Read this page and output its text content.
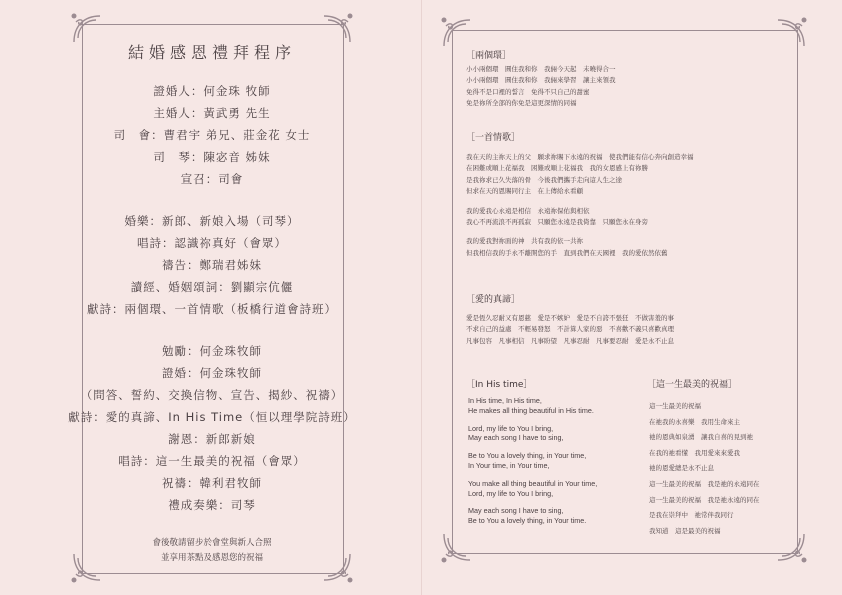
結婚感恩禮拜程序
證婚人：何金珠 牧師
主婚人：黃武勇 先生
司　會：曹君宇 弟兄、莊金花 女士
司　琴：陳宓音 姊妹
宣召：司會
婚樂：新郎、新娘入場（司琴）
唱詩：認識祢真好（會眾）
禱告：鄭瑞君姊妹
讀經、婚姻頌詞：劉顯宗伉儷
獻詩：兩個環、一首情歌（板橋行道會詩班）
勉勵：何金珠牧師
證婚：何金珠牧師
（問答、誓約、交換信物、宣告、揭紗、祝禱）
獻詩：愛的真諦、In His Time（恒以理學院詩班）
謝恩：新郎新娘
唱詩：這一生最美的祝福（會眾）
祝禱：韓利君牧師
禮成奏樂：司琴
會後敬請留步於會堂與新人合照
並享用茶點及感恩您的祝福
［兩個環］
小小兩個環　圓住我和你　我倆今天起　未曉得合一
小小兩個環　圓住我和你　我倆來學習　讓主來領我
免得不是口裡的誓言　免得不只自己的甜蜜
免是祢所全部的你免是這更深情的同福
［一首情歌］
我在天的主祢天上的父　願求祢賜下永遠的祝福　使我們能有信心奔向創造幸福
在困難或順上花福我　困難或順上花福我　我的女恩感上有祢勝
是我祢求已久失落的骨　今後我們攜手走向這人生之途
但求在天的恩賜同行主　在上傳給永看顧
我的愛我心永遠是相信　永遠祢保佑與相依
我心不再流浪不再孤寂　只願您永遠是我倚靠　只願您永在身旁
我的愛我對祢面的神　共有我的依一共祢
但我相信我的手永不離開您的手　直到我們在天國裡　我的愛依然依舊
［愛的真諦］
愛是恆久忍耐又有恩慈　愛是不嫉妒　愛是不自誇不張狂　不做害羞的事
不求自己的益處　不輕易發怒　不計算人家的惡　不喜歡不義只喜歡真理
凡事包容　凡事相信　凡事盼望　凡事忍耐　凡事要忍耐　愛是永不止息
［In His time］
In His time, In His time,
He makes all thing beautiful in His time.
Lord, my life to You I bring,
May each song I have to sing,
Be to You a lovely thing, in Your time,
In Your time, in Your time,
You make all thing beautiful in Your time,
Lord, my life to You I bring,
May each song I have to sing,
Be to You a lovely thing, in Your time.
［這一生最美的祝福］
這一生最美的祝福
在祂我的永喜樂　我用生命來主
祂的恩典如泉湧　讓我自喜的見到祂
在我的祂看懂　我用愛來來愛我
祂的恩愛總是永不止息
這一生最美的祝福　我是祂的永遠同在
這一生最美的祝福　我是祂永遠的同在
是我在崇拜中　祂常伴我同行
我知道　這是最美的祝福
